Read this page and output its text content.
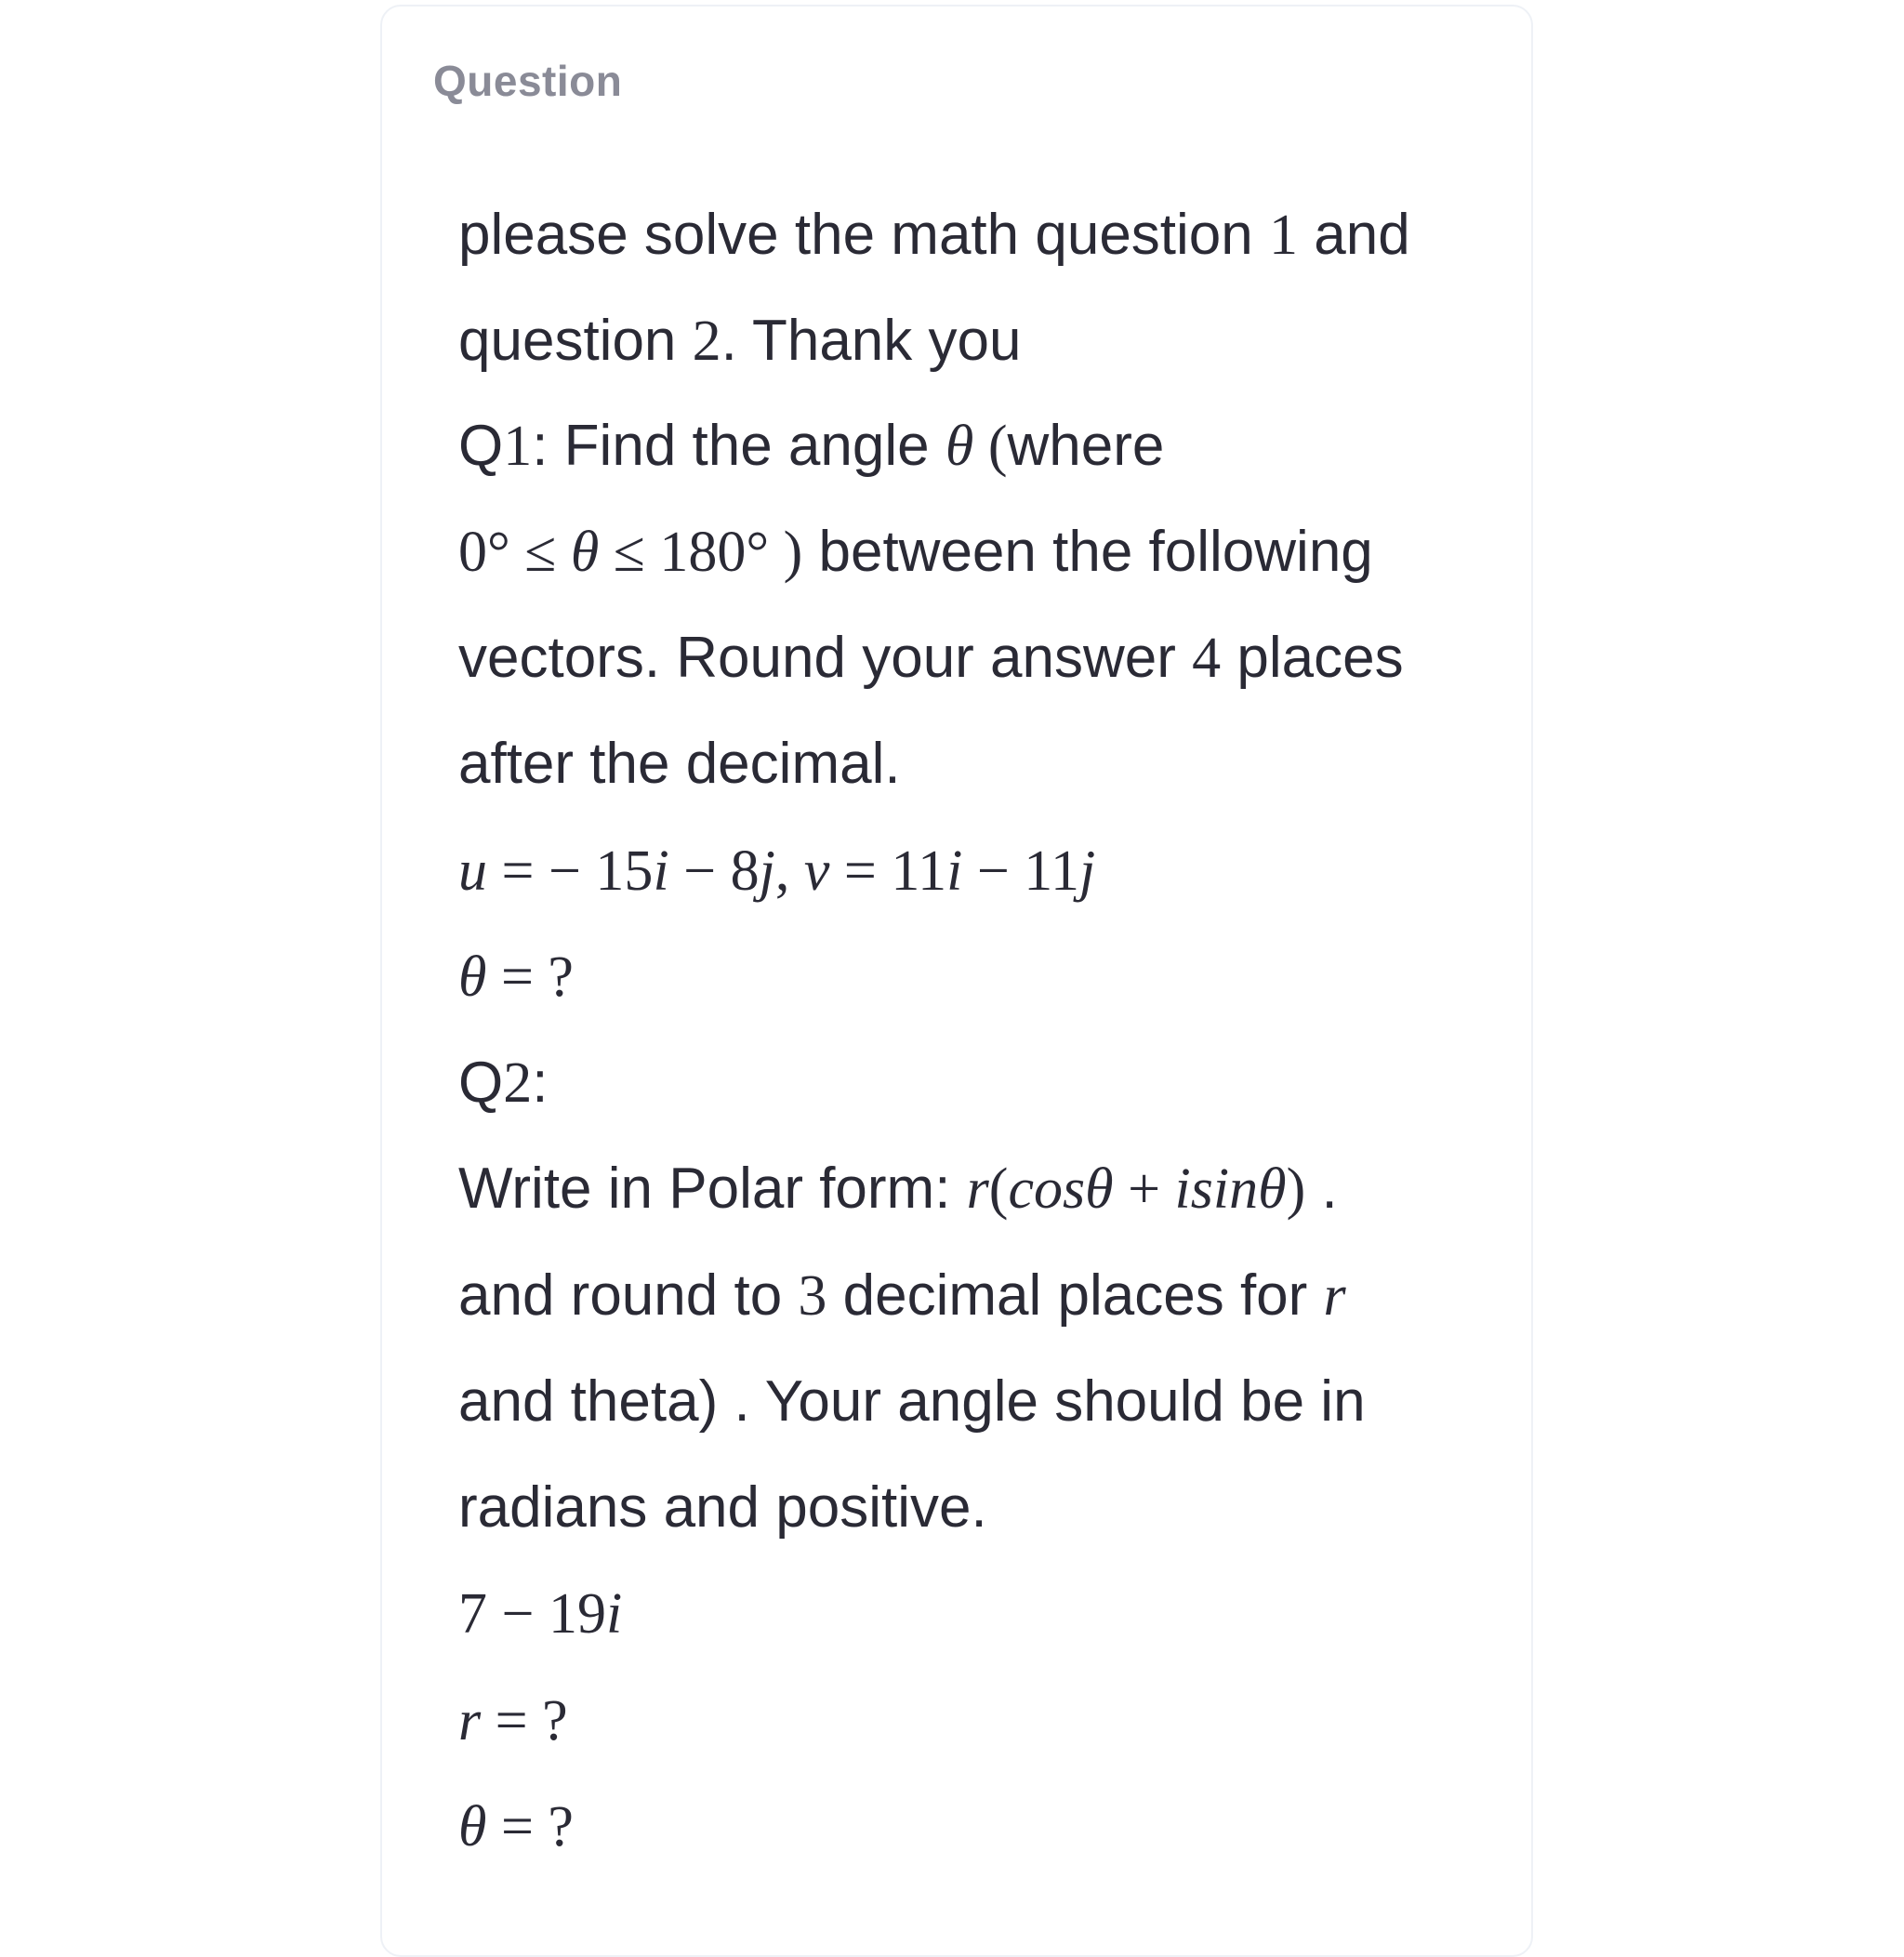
Question
please solve the math question 1 and
question 2. Thank you
Q1: Find the angle θ (where
0° ≤ θ ≤ 180° ) between the following
vectors. Round your answer 4 places
after the decimal.
u = − 15i − 8j, v = 11i − 11j
θ = ?
Q2:
Write in Polar form: r(cosθ + isinθ) .
and round to 3 decimal places for r
and theta) . Your angle should be in
radians and positive.
7 − 19i
r = ?
θ = ?
